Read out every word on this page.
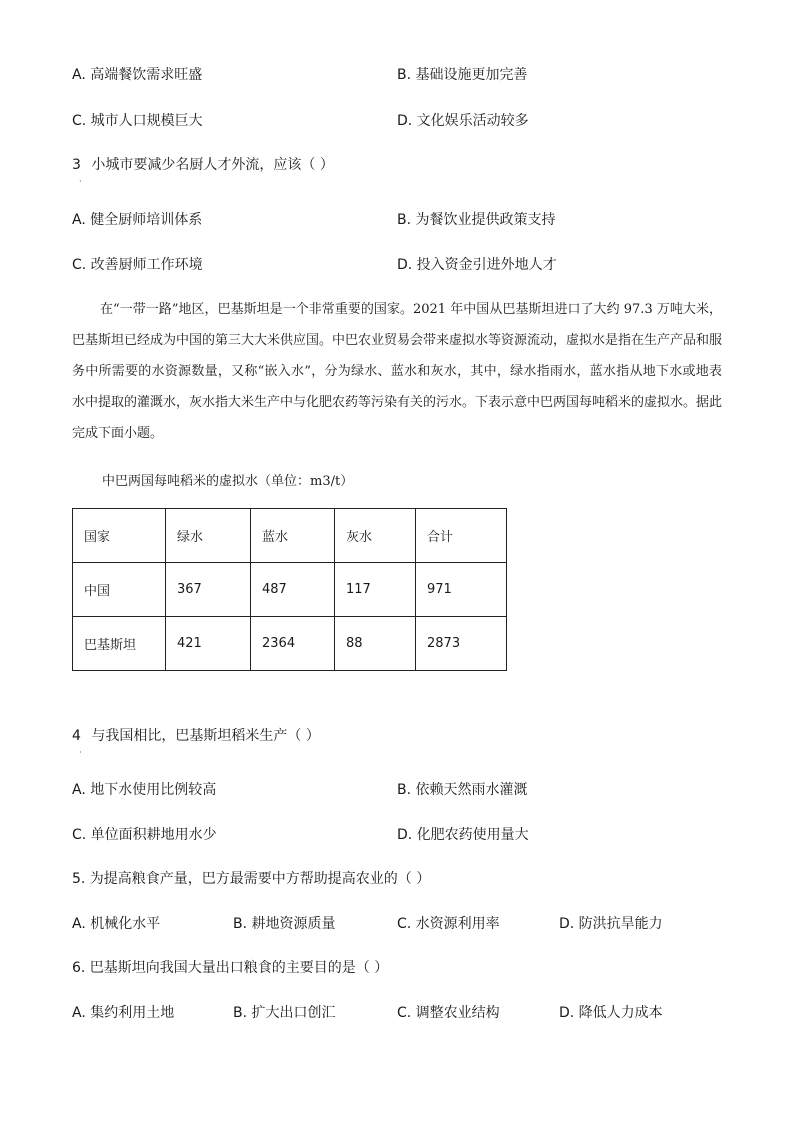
A. 高端餐饮需求旺盛	B. 基础设施更加完善
C. 城市人口规模巨大	D. 文化娱乐活动较多
3 小城市要减少名厨人才外流，应该（ ）
·
A. 健全厨师培训体系	B. 为餐饮业提供政策支持
C. 改善厨师工作环境	D. 投入资金引进外地人才

在“一带一路”地区，巴基斯坦是一个非常重要的国家。2021 年中国从巴基斯坦进口了大约 97.3 万吨大米，巴基斯坦已经成为中国的第三大大米供应国。中巴农业贸易会带来虚拟水等资源流动，虚拟水是指在生产产品和服务中所需要的水资源数量，又称“嵌入水”，分为绿水、蓝水和灰水，其中，绿水指雨水，蓝水指从地下水或地表水中提取的灌溉水，灰水指大米生产中与化肥农药等污染有关的污水。下表示意中巴两国每吨稻米的虚拟水。据此完成下面小题。

中巴两国每吨稻米的虚拟水（单位：m3/t）
国家	绿水	蓝水	灰水	合计
中国	367	487	117	971
巴基斯坦	421	2364	88	2873
4 与我国相比，巴基斯坦稻米生产（ ）
·
A. 地下水使用比例较高	B. 依赖天然雨水灌溉
C. 单位面积耕地用水少	D. 化肥农药使用量大
5. 为提高粮食产量，巴方最需要中方帮助提高农业的（ ）
A. 机械化水平	B. 耕地资源质量	C. 水资源利用率	D. 防洪抗旱能力
6. 巴基斯坦向我国大量出口粮食的主要目的是（ ）
A. 集约利用土地	B. 扩大出口创汇	C. 调整农业结构	D. 降低人力成本
